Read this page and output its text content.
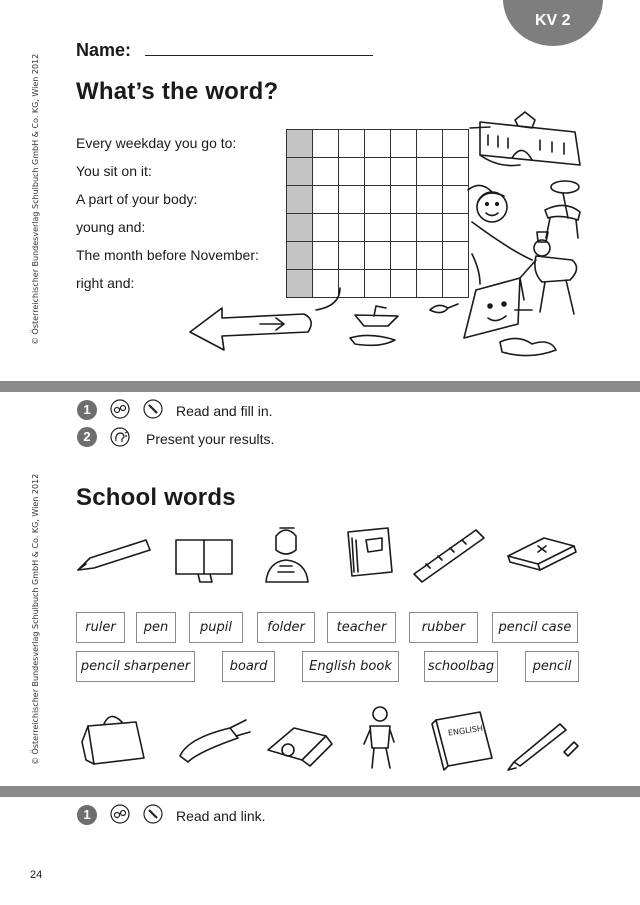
KV 2
© Österreichischer Bundesverlag Schulbuch GmbH & Co. KG, Wien 2012
© Österreichischer Bundesverlag Schulbuch GmbH & Co. KG, Wien 2012
Name:
What’s the word?
Every weekday you go to:
You sit on it:
A part of your body:
young and:
The month before November:
right and:

1	Read and fill in.
2	Present your results.
School words
ruler	pen	pupil	folder	teacher	rubber	pencil case
pencil sharpener	board	English book	schoolbag	pencil
ENGLISH
1	Read and link.
24
